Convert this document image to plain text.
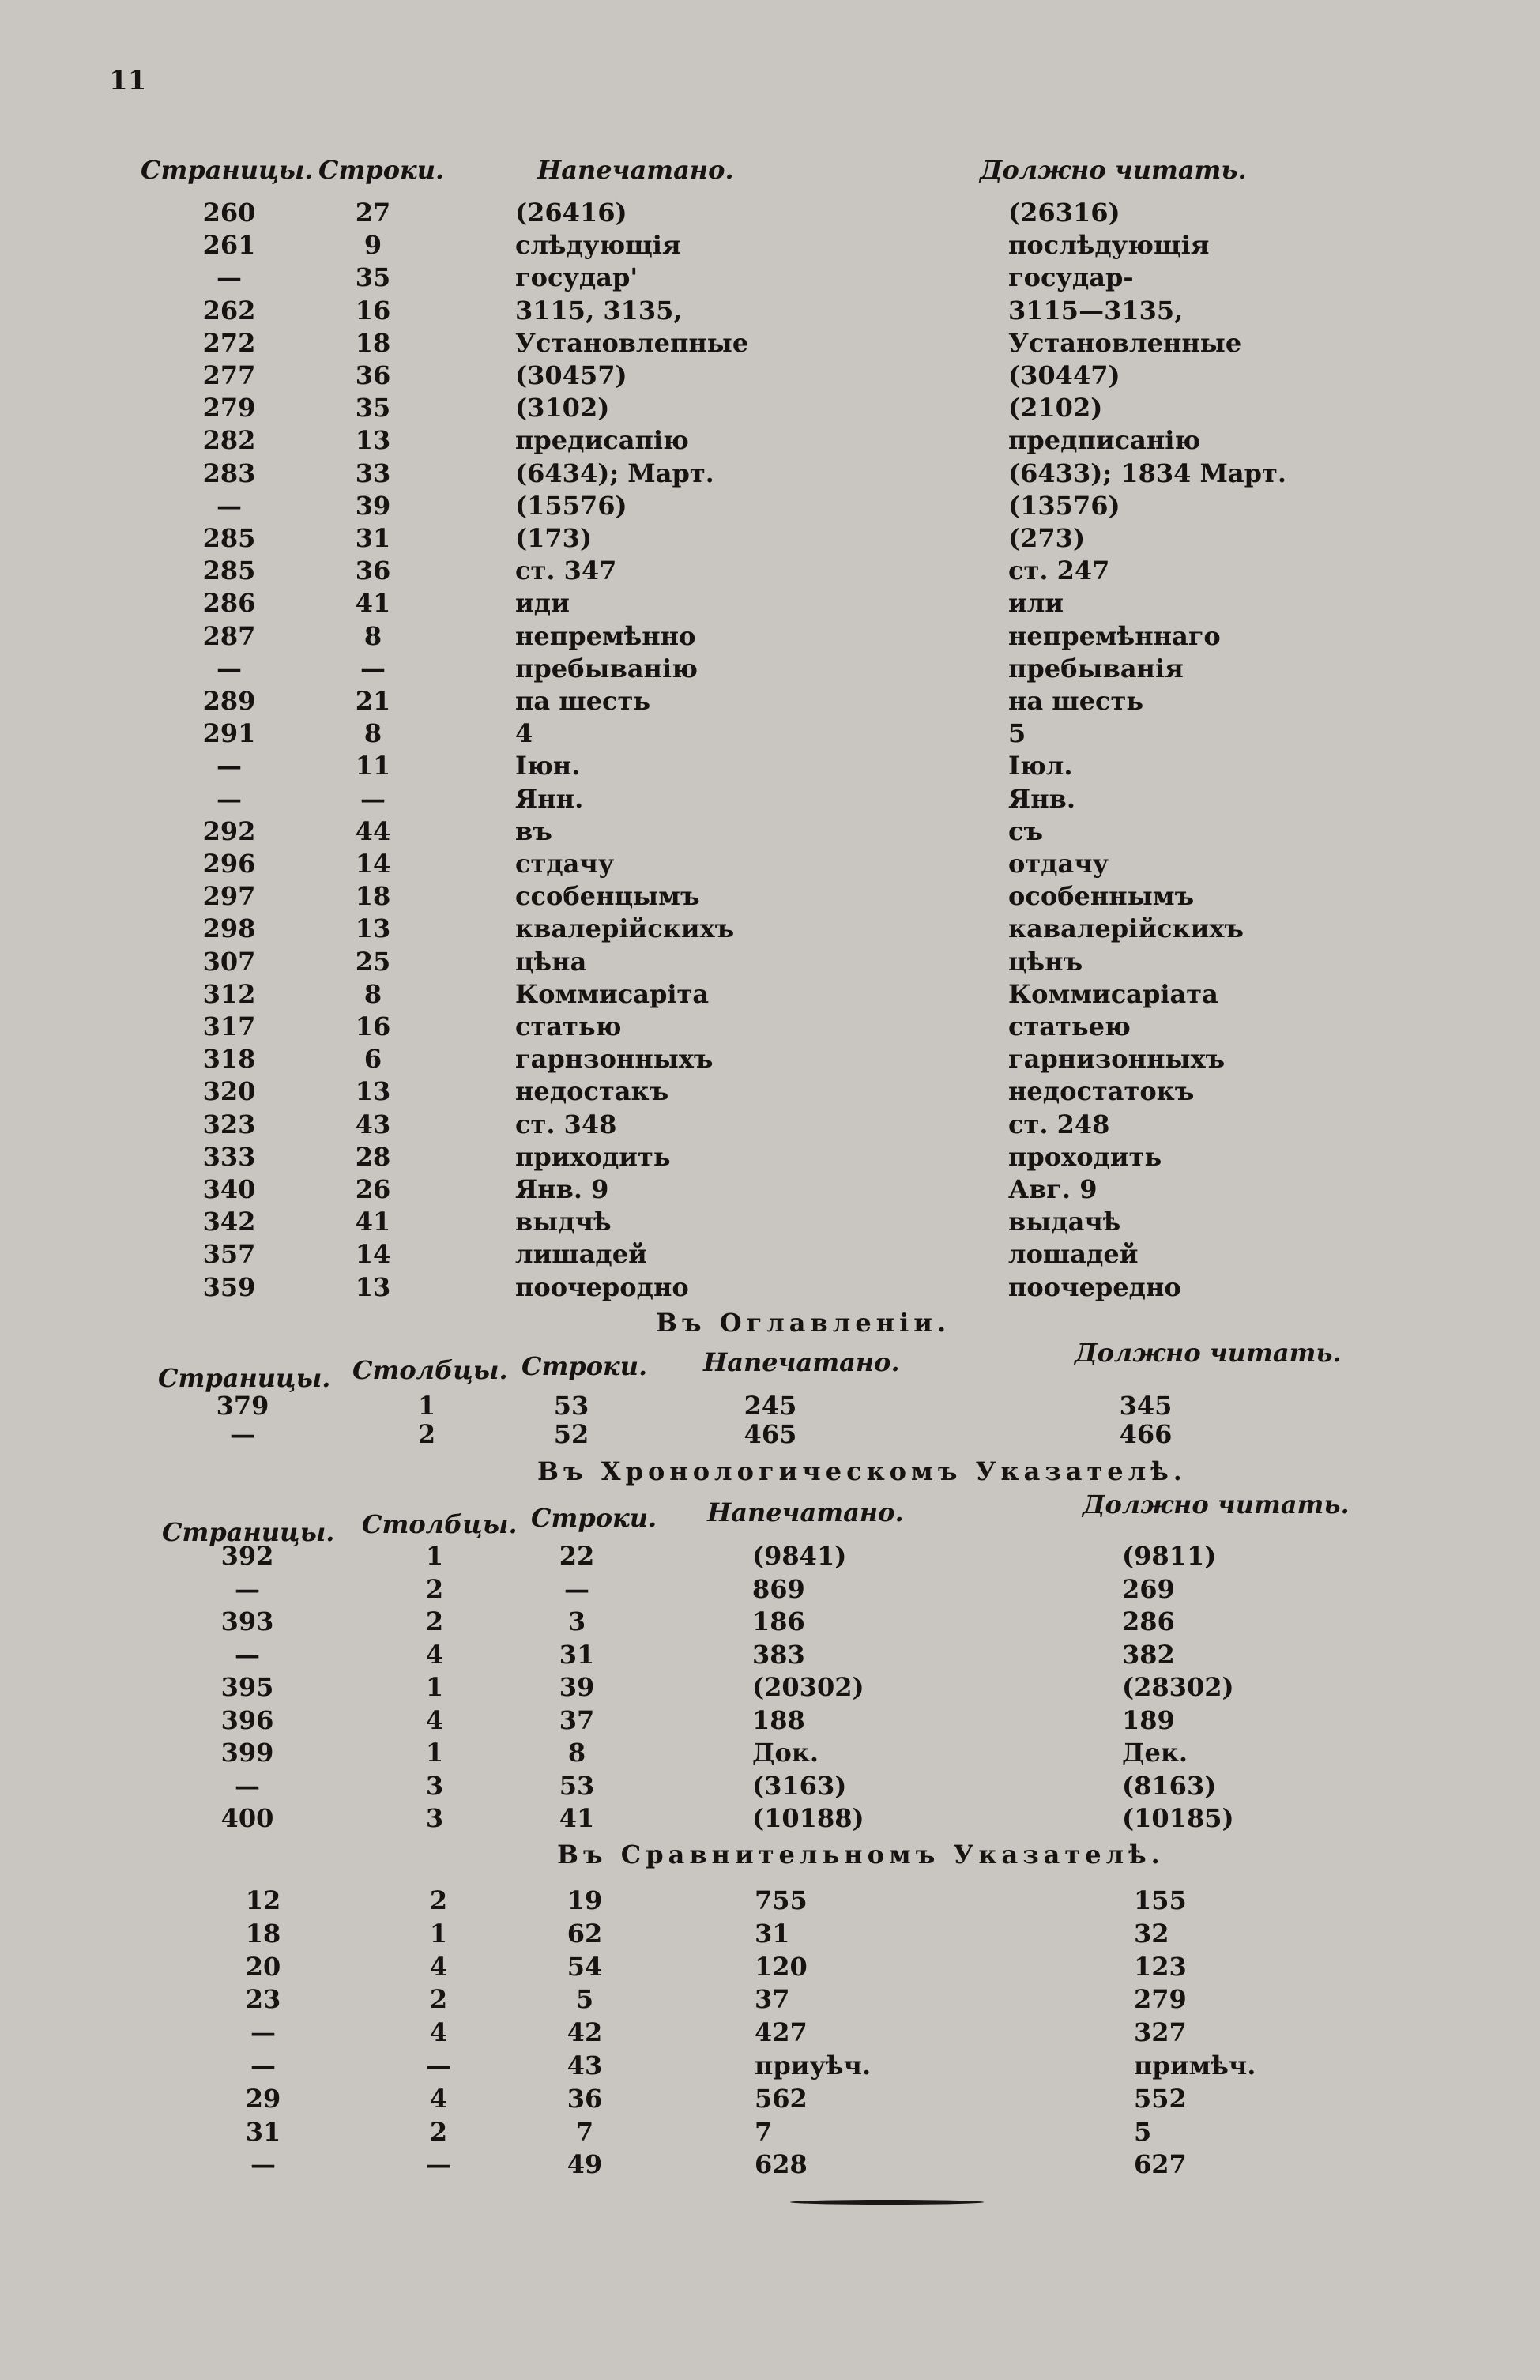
11
Страницы. Строки.	Напечатано.	Должно читать.
260	27	(26416)	(26316)
261	9	слѣдующія	послѣдующія
—	35	государ'	государ-
262	16	3115, 3135,	3115—3135,
272	18	Установлепные	Установленные
277	36	(30457)	(30447)
279	35	(3102)	(2102)
282	13	предисапію	предписанію
283	33	(6434); Март.	(6433); 1834 Март.
—	39	(15576)	(13576)
285	31	(173)	(273)
285	36	ст. 347	ст. 247
286	41	иди	или
287	8	непремѣнно	непремѣннаго
—	—	пребыванію	пребыванія
289	21	па шесть	на шесть
291	8	4	5
—	11	Іюн.	Іюл.
—	—	Янн.	Янв.
292	44	въ	съ
296	14	стдачу	отдачу
297	18	ссобенцымъ	особеннымъ
298	13	квалерійскихъ	кавалерійскихъ
307	25	цѣна	цѣнъ
312	8	Коммисаріта	Коммисаріата
317	16	статью	статьею
318	6	гарнзонныхъ	гарнизонныхъ
320	13	недостакъ	недостатокъ
323	43	ст. 348	ст. 248
333	28	приходить	проходить
340	26	Янв. 9	Авг. 9
342	41	выдчѣ	выдачѣ
357	14	лишадей	лошадей
359	13	поочеродно	поочередно
Въ Оглавленіи.
Страницы. Столбцы. Строки. Напечатано.	Должно читать.
379	1	53	245	345
—	2	52	465	466
Въ Хронологическомъ Указателѣ.
Страницы. Столбцы. Строки. Напечатано.	Должно читать.
392	1	22	(9841)	(9811)
—	2	—	869	269
393	2	3	186	286
—	4	31	383	382
395	1	39	(20302)	(28302)
396	4	37	188	189
399	1	8	Док.	Дек.
—	3	53	(3163)	(8163)
400	3	41	(10188)	(10185)
Въ Сравнительномъ Указателѣ.
12	2	19	755	155
18	1	62	31	32
20	4	54	120	123
23	2	5	37	279
—	4	42	427	327
—	—	43	приуѣч.	примѣч.
29	4	36	562	552
31	2	7	7	5
—	—	49	628	627
